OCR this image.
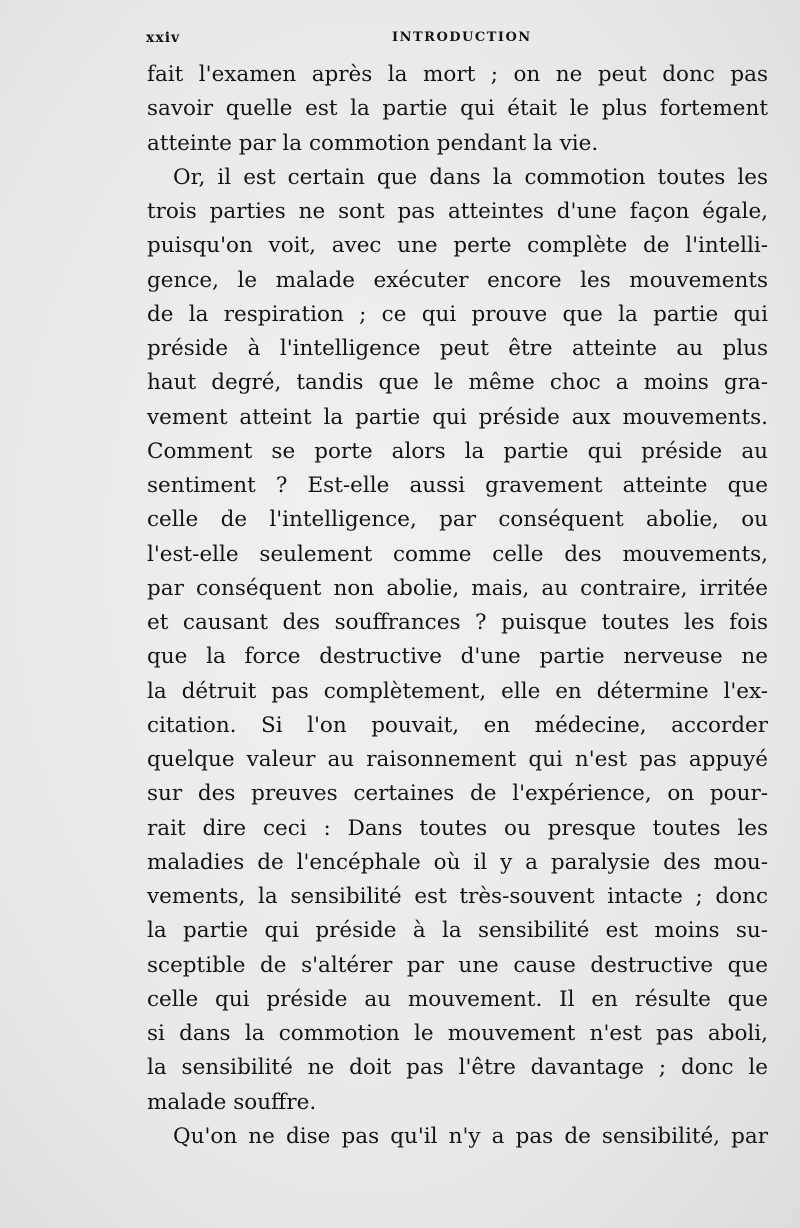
xxiv	INTRODUCTION
fait l'examen après la mort ; on ne peut donc pas
savoir quelle est la partie qui était le plus fortement
atteinte par la commotion pendant la vie.
Or, il est certain que dans la commotion toutes les
trois parties ne sont pas atteintes d'une façon égale,
puisqu'on voit, avec une perte complète de l'intelli-
gence, le malade exécuter encore les mouvements
de la respiration ; ce qui prouve que la partie qui
préside à l'intelligence peut être atteinte au plus
haut degré, tandis que le même choc a moins gra-
vement atteint la partie qui préside aux mouvements.
Comment se porte alors la partie qui préside au
sentiment ? Est-elle aussi gravement atteinte que
celle de l'intelligence, par conséquent abolie, ou
l'est-elle seulement comme celle des mouvements,
par conséquent non abolie, mais, au contraire, irritée
et causant des souffrances ? puisque toutes les fois
que la force destructive d'une partie nerveuse ne
la détruit pas complètement, elle en détermine l'ex-
citation. Si l'on pouvait, en médecine, accorder
quelque valeur au raisonnement qui n'est pas appuyé
sur des preuves certaines de l'expérience, on pour-
rait dire ceci : Dans toutes ou presque toutes les
maladies de l'encéphale où il y a paralysie des mou-
vements, la sensibilité est très-souvent intacte ; donc
la partie qui préside à la sensibilité est moins su-
sceptible de s'altérer par une cause destructive que
celle qui préside au mouvement. Il en résulte que
si dans la commotion le mouvement n'est pas aboli,
la sensibilité ne doit pas l'être davantage ; donc le
malade souffre.
Qu'on ne dise pas qu'il n'y a pas de sensibilité, par
